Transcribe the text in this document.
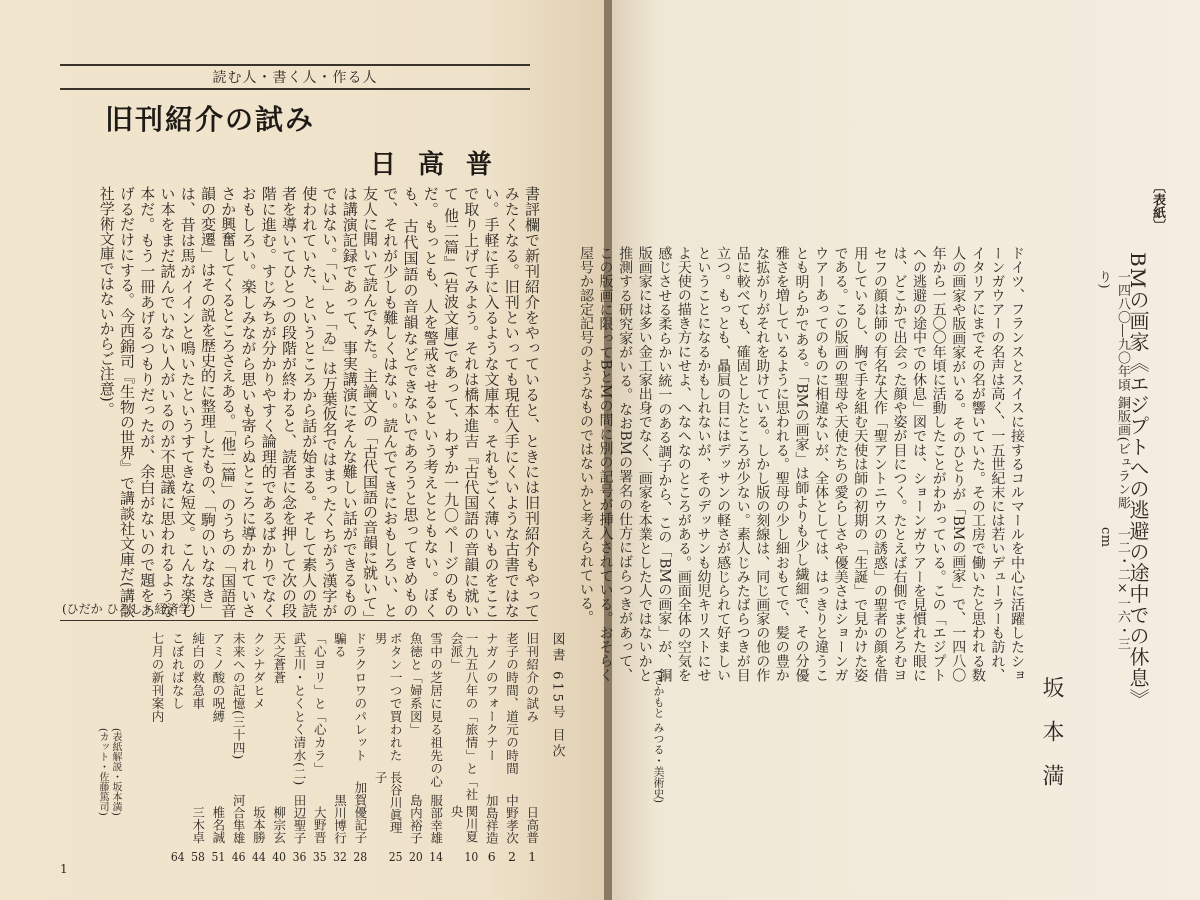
読む人・書く人・作る人
旧刊紹介の試み
日高普
書評欄で新刊紹介をやっていると、ときには旧刊紹介もやってみたくなる。旧刊といっても現在入手にくいような古書ではない。手軽に手に入るような文庫本。それもごく薄いものをここで取り上げてみよう。それは橋本進吉『古代国語の音韻に就いて 他二篇』(岩波文庫)であって、わずか一九〇ページのものだ。もっとも、人を警戒させるという考えとともない。ぼくも、古代国語の音韻などできないであろうと思ってきめもので、それが少しも難しくはない。読んでてきにおもしろい、と友人に聞いて読んでみた。主論文の「古代国語の音韻に就いて」は講演記録であって、事実講演にそんな難しい話ができるものではない。「い」と「ゐ」は万葉仮名ではまったくちがう漢字が使われていた、というところから話が始まる。そして素人の読者を導いてひとつの段階が終わると、読者に念を押して次の段階に進む。すじみちが分かりやすく論理的であるばかりでなくおもしろい。楽しみながら思いも寄らぬところに導かれていささか興奮してくるところさえある。「他二篇」のうちの「国語音韻の変遷」はその説を歴史的に整理したもの、「駒のいななき」は、昔は馬がイインと鳴いたというすてきな短文。こんな楽しい本をまだ読んでいない人がいるのが不思議に思われるような本だ。もう一冊あげるつもりだったが、余白がないので題をあげるだけにする。今西錦司『生物の世界』で講談社文庫だ(講談社学術文庫ではないからご注意)。
(ひだか ひろし・経済学)
図書 615号 目次
旧刊紹介の試み
日高普
1
老子の時間、道元の時間
中野孝次
2
ナガノのフォークナー
加島祥造
6
一九五八年の「旅情」と「社会派」
関川夏央
10
雪中の芝居に見る祖先の心
服部幸雄
14
魚徳と「婦系図」
島内裕子
20
ボタン一つで買われた男
長谷川眞理子
25
ドラクロワのパレット
加賀優記子
28
騙る
黒川博行
32
「心ヨリ」と「心カラ」
大野晋
35
武玉川・とくとく清水(二)
田辺聖子
36
天之蒼蒼
柳宗玄
40
クシナダヒメ
坂本勝
44
未来への記憶(三十四)
河合隼雄
46
アミノ酸の呪縛
椎名誠
51
純白の救急車
三木卓
58
こぼればなし
64
七月の新刊案内
(表紙解説・坂本満)
(カット・佐藤篤司)
1
〔表紙〕
BMの画家《エジプトへの逃避の途中での休息》
一四八〇―九〇年頃 銅版画(ビュラン彫り)
一二・二×一六・三cm
坂本満
ドイツ、フランスとスイスに接するコルマールを中心に活躍したショーンガウアーの名声は高く、一五世紀末には若いデューラーも訪れ、イタリアにまでその名が響いていた。その工房で働いたと思われる数人の画家や版画家がいる。そのひとりが「BMの画家」で、一四八〇年から一五〇〇年頃に活動したことがわかっている。この「エジプトへの逃避の途中での休息」図では、ショーンガウアーを見慣れた眼には、どこかで出会った顔や姿が目につく。たとえば右側でまどろむヨセフの顔は師の有名な大作「聖アントニウスの誘惑」の聖者の顔を借用しているし、胸で手を組む天使は師の初期の「生誕」で見かけた姿である。この版画の聖母や天使たちの愛らしさや優美さはショーンガウアーあってのものに相違ないが、全体としては、はっきりと違うことも明らかである。「BMの画家」は師よりも少し繊細で、その分優雅さを増しているように思われる。聖母の少し細おもてで、髪の豊かな拡がりがそれを助けている。しかし版の刻線は、同じ画家の他の作品に較べても、確固としたところが少ない。素人じみたばらつきが目立つ。もっとも、贔屓の目にはデッサンの軽さが感じられて好ましいということになるかもしれないが、そのデッサンも幼児キリストにせよ天使の描き方にせよ、へなへなのところがある。画面全体の空気を感じさせる柔らかい統一のある調子から、この「BMの画家」が、銅版画家には多い金工家出身でなく、画家を本業とした人ではないかと推測する研究家がいる。なおBMの署名の仕方にばらつきがあって、この版画に限ってBとMの間に別の記号が挿入されている。おそらく屋号か認定記号のようなものではないかと考えられている。
(さかもと みつる・美術史)
